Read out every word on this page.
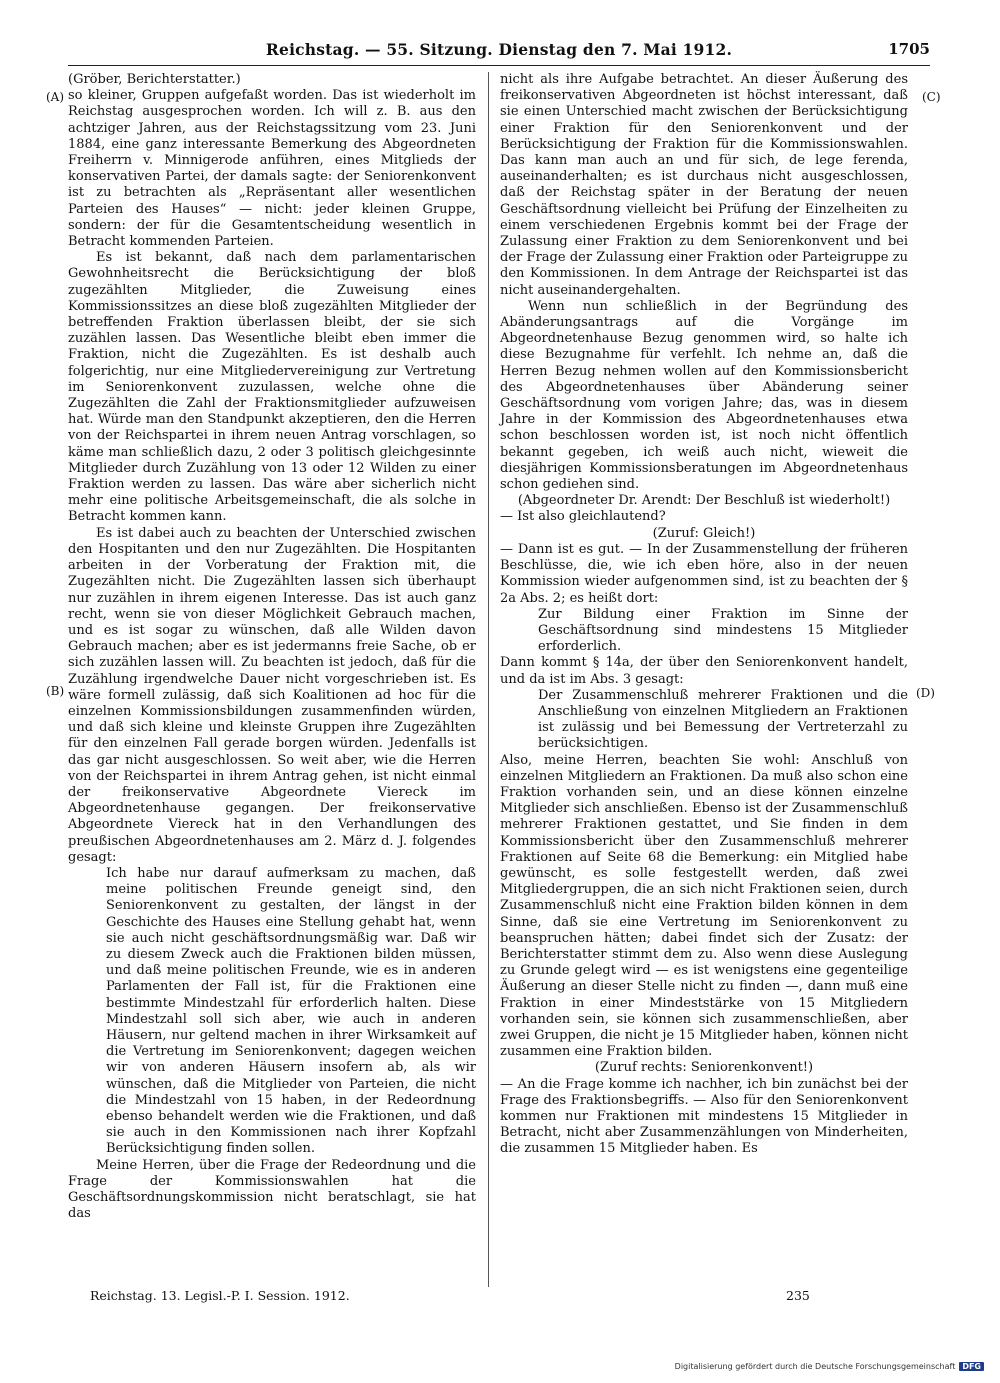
Reichstag. — 55. Sitzung. Dienstag den 7. Mai 1912.	1705
(A)
(B)
(C)
(D)

(Gröber, Berichterstatter.)

so kleiner, Gruppen aufgefaßt worden. Das ist wiederholt im Reichstag ausgesprochen worden. Ich will z. B. aus den achtziger Jahren, aus der Reichstagssitzung vom 23. Juni 1884, eine ganz interessante Bemerkung des Abgeordneten Freiherrn v. Minnigerode anführen, eines Mitglieds der konservativen Partei, der damals sagte: der Seniorenkonvent ist zu betrachten als „Repräsentant aller wesentlichen Parteien des Hauses“ — nicht: jeder kleinen Gruppe, sondern: der für die Gesamtentscheidung wesentlich in Betracht kommenden Parteien.

Es ist bekannt, daß nach dem parlamentarischen Gewohnheitsrecht die Berücksichtigung der bloß zugezählten Mitglieder, die Zuweisung eines Kommissionssitzes an diese bloß zugezählten Mitglieder der betreffenden Fraktion überlassen bleibt, der sie sich zuzählen lassen. Das Wesentliche bleibt eben immer die Fraktion, nicht die Zugezählten. Es ist deshalb auch folgerichtig, nur eine Mitgliedervereinigung zur Vertretung im Seniorenkonvent zuzulassen, welche ohne die Zugezählten die Zahl der Fraktionsmitglieder aufzuweisen hat. Würde man den Standpunkt akzeptieren, den die Herren von der Reichspartei in ihrem neuen Antrag vorschlagen, so käme man schließlich dazu, 2 oder 3 politisch gleichgesinnte Mitglieder durch Zuzählung von 13 oder 12 Wilden zu einer Fraktion werden zu lassen. Das wäre aber sicherlich nicht mehr eine politische Arbeitsgemeinschaft, die als solche in Betracht kommen kann.

Es ist dabei auch zu beachten der Unterschied zwischen den Hospitanten und den nur Zugezählten. Die Hospitanten arbeiten in der Vorberatung der Fraktion mit, die Zugezählten nicht. Die Zugezählten lassen sich überhaupt nur zuzählen in ihrem eigenen Interesse. Das ist auch ganz recht, wenn sie von dieser Möglichkeit Gebrauch machen, und es ist sogar zu wünschen, daß alle Wilden davon Gebrauch machen; aber es ist jedermanns freie Sache, ob er sich zuzählen lassen will. Zu beachten ist jedoch, daß für die Zuzählung irgendwelche Dauer nicht vorgeschrieben ist. Es wäre formell zulässig, daß sich Koalitionen ad hoc für die einzelnen Kommissionsbildungen zusammenfinden würden, und daß sich kleine und kleinste Gruppen ihre Zugezählten für den einzelnen Fall gerade borgen würden. Jedenfalls ist das gar nicht ausgeschlossen. So weit aber, wie die Herren von der Reichspartei in ihrem Antrag gehen, ist nicht einmal der freikonservative Abgeordnete Viereck im Abgeordnetenhause gegangen. Der freikonservative Abgeordnete Viereck hat in den Verhandlungen des preußischen Abgeordnetenhauses am 2. März d. J. folgendes gesagt:

Ich habe nur darauf aufmerksam zu machen, daß meine politischen Freunde geneigt sind, den Seniorenkonvent zu gestalten, der längst in der Geschichte des Hauses eine Stellung gehabt hat, wenn sie auch nicht geschäftsordnungsmäßig war. Daß wir zu diesem Zweck auch die Fraktionen bilden müssen, und daß meine politischen Freunde, wie es in anderen Parlamenten der Fall ist, für die Fraktionen eine bestimmte Mindestzahl für erforderlich halten. Diese Mindestzahl soll sich aber, wie auch in anderen Häusern, nur geltend machen in ihrer Wirksamkeit auf die Vertretung im Seniorenkonvent; dagegen weichen wir von anderen Häusern insofern ab, als wir wünschen, daß die Mitglieder von Parteien, die nicht die Mindestzahl von 15 haben, in der Redeordnung ebenso behandelt werden wie die Fraktionen, und daß sie auch in den Kommissionen nach ihrer Kopfzahl Berücksichtigung finden sollen.

Meine Herren, über die Frage der Redeordnung und die Frage der Kommissionswahlen hat die Geschäftsordnungskommission nicht beratschlagt, sie hat das

nicht als ihre Aufgabe betrachtet. An dieser Äußerung des freikonservativen Abgeordneten ist höchst interessant, daß sie einen Unterschied macht zwischen der Berücksichtigung einer Fraktion für den Seniorenkonvent und der Berücksichtigung der Fraktion für die Kommissionswahlen. Das kann man auch an und für sich, de lege ferenda, auseinanderhalten; es ist durchaus nicht ausgeschlossen, daß der Reichstag später in der Beratung der neuen Geschäftsordnung vielleicht bei Prüfung der Einzelheiten zu einem verschiedenen Ergebnis kommt bei der Frage der Zulassung einer Fraktion zu dem Seniorenkonvent und bei der Frage der Zulassung einer Fraktion oder Parteigruppe zu den Kommissionen. In dem Antrage der Reichspartei ist das nicht auseinandergehalten.

Wenn nun schließlich in der Begründung des Abänderungsantrags auf die Vorgänge im Abgeordnetenhause Bezug genommen wird, so halte ich diese Bezugnahme für verfehlt. Ich nehme an, daß die Herren Bezug nehmen wollen auf den Kommissionsbericht des Abgeordnetenhauses über Abänderung seiner Geschäftsordnung vom vorigen Jahre; das, was in diesem Jahre in der Kommission des Abgeordnetenhauses etwa schon beschlossen worden ist, ist noch nicht öffentlich bekannt gegeben, ich weiß auch nicht, wieweit die diesjährigen Kommissionsberatungen im Abgeordnetenhaus schon gediehen sind.

(Abgeordneter Dr. Arendt: Der Beschluß ist wiederholt!)

— Ist also gleichlautend?

(Zuruf: Gleich!)

— Dann ist es gut. — In der Zusammenstellung der früheren Beschlüsse, die, wie ich eben höre, also in der neuen Kommission wieder aufgenommen sind, ist zu beachten der § 2a Abs. 2; es heißt dort:

Zur Bildung einer Fraktion im Sinne der Geschäftsordnung sind mindestens 15 Mitglieder erforderlich.

Dann kommt § 14a, der über den Seniorenkonvent handelt, und da ist im Abs. 3 gesagt:

Der Zusammenschluß mehrerer Fraktionen und die Anschließung von einzelnen Mitgliedern an Fraktionen ist zulässig und bei Bemessung der Vertreterzahl zu berücksichtigen.

Also, meine Herren, beachten Sie wohl: Anschluß von einzelnen Mitgliedern an Fraktionen. Da muß also schon eine Fraktion vorhanden sein, und an diese können einzelne Mitglieder sich anschließen. Ebenso ist der Zusammenschluß mehrerer Fraktionen gestattet, und Sie finden in dem Kommissionsbericht über den Zusammenschluß mehrerer Fraktionen auf Seite 68 die Bemerkung: ein Mitglied habe gewünscht, es solle festgestellt werden, daß zwei Mitgliedergruppen, die an sich nicht Fraktionen seien, durch Zusammenschluß nicht eine Fraktion bilden können in dem Sinne, daß sie eine Vertretung im Seniorenkonvent zu beanspruchen hätten; dabei findet sich der Zusatz: der Berichterstatter stimmt dem zu. Also wenn diese Auslegung zu Grunde gelegt wird — es ist wenigstens eine gegenteilige Äußerung an dieser Stelle nicht zu finden —, dann muß eine Fraktion in einer Mindeststärke von 15 Mitgliedern vorhanden sein, sie können sich zusammenschließen, aber zwei Gruppen, die nicht je 15 Mitglieder haben, können nicht zusammen eine Fraktion bilden.

(Zuruf rechts: Seniorenkonvent!)

— An die Frage komme ich nachher, ich bin zunächst bei der Frage des Fraktionsbegriffs. — Also für den Seniorenkonvent kommen nur Fraktionen mit mindestens 15 Mitglieder in Betracht, nicht aber Zusammenzählungen von Minderheiten, die zusammen 15 Mitglieder haben. Es

Reichstag. 13. Legisl.-P. I. Session. 1912.	235
Digitalisierung gefördert durch die Deutsche Forschungsgemeinschaft DFG
